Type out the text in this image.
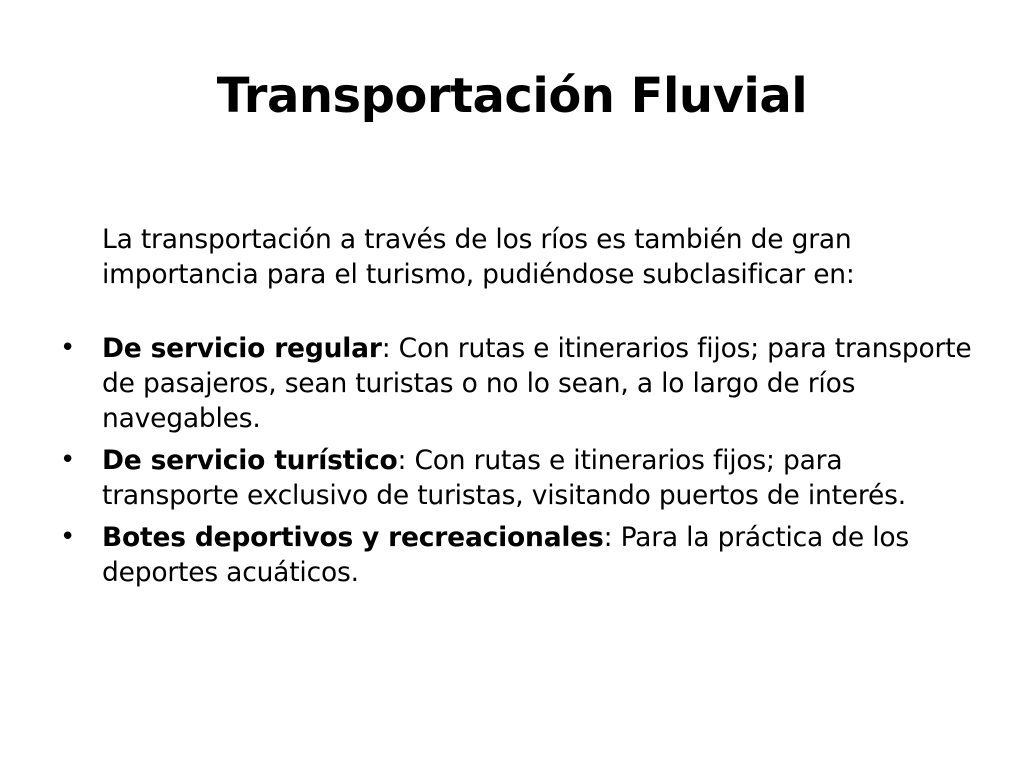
Transportación Fluvial

La transportación a través de los ríos es también de gran importancia para el turismo, pudiéndose subclasificar en:

• De servicio regular: Con rutas e itinerarios fijos; para transporte de pasajeros, sean turistas o no lo sean, a lo largo de ríos navegables.
• De servicio turístico: Con rutas e itinerarios fijos; para transporte exclusivo de turistas, visitando puertos de interés.
• Botes deportivos y recreacionales: Para la práctica de los deportes acuáticos.
